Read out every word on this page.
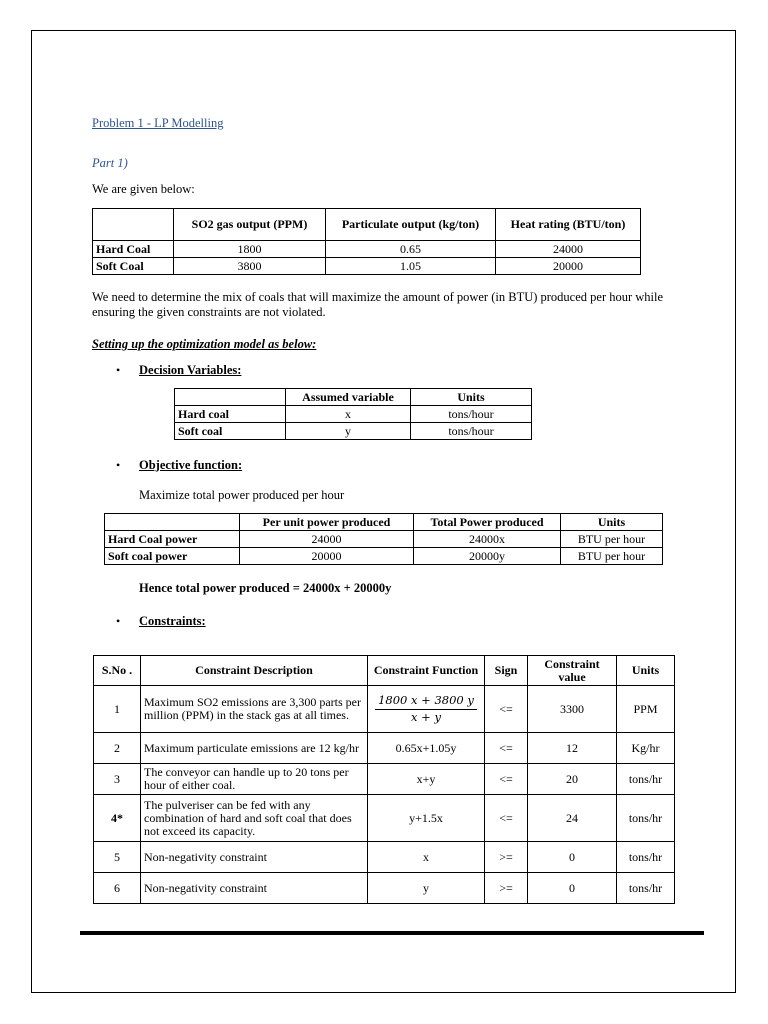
Problem 1 - LP Modelling
Part 1)
We are given below:
	SO2 gas output (PPM)	Particulate output (kg/ton)	Heat rating (BTU/ton)
Hard Coal	1800	0.65	24000
Soft Coal	3800	1.05	20000
We need to determine the mix of coals that will maximize the amount of power (in BTU) produced per hour while ensuring the given constraints are not violated.
Setting up the optimization model as below:
• Decision Variables:
	Assumed variable	Units
Hard coal	x	tons/hour
Soft coal	y	tons/hour
• Objective function:
Maximize total power produced per hour
	Per unit power produced	Total Power produced	Units
Hard Coal power	24000	24000x	BTU per hour
Soft coal power	20000	20000y	BTU per hour
Hence total power produced = 24000x + 20000y
• Constraints:
S.No .	Constraint Description	Constraint Function	Sign	Constraint value	Units
1	Maximum SO2 emissions are 3,300 parts per million (PPM) in the stack gas at all times.	$\frac{1800 x + 3800 y}{x + y}$	<=	3300	PPM
2	Maximum particulate emissions are 12 kg/hr	0.65x+1.05y	<=	12	Kg/hr
3	The conveyor can handle up to 20 tons per hour of either coal.	x+y	<=	20	tons/hr
4*	The pulveriser can be fed with any combination of hard and soft coal that does not exceed its capacity.	y+1.5x	<=	24	tons/hr
5	Non-negativity constraint	x	>=	0	tons/hr
6	Non-negativity constraint	y	>=	0	tons/hr
